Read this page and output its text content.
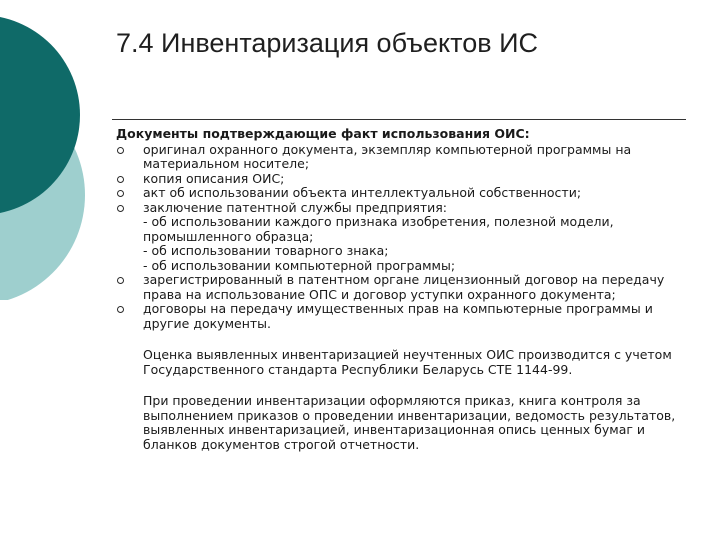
7.4 Инвентаризация объектов ИС
Документы подтверждающие факт использования ОИС:
оригинал охранного документа, экземпляр компьютерной программы на материальном носителе;
копия описания ОИС;
акт об использовании объекта интеллектуальной собственности;
заключение патентной службы предприятия:
- об использовании каждого признака изобретения, полезной модели, промышленного образца;
- об использовании товарного знака;
- об использовании компьютерной программы;
зарегистрированный в патентном органе лицензионный договор на передачу права на использование ОПС и договор уступки охранного документа;
договоры на передачу имущественных прав на компьютерные программы и другие документы.

Оценка выявленных инвентаризацией неучтенных ОИС производится с учетом Государственного стандарта Республики Беларусь СТЕ 1144-99.

При проведении инвентаризации оформляются приказ, книга контроля за выполнением приказов о проведении инвентаризации, ведомость результатов, выявленных инвентаризацией, инвентаризационная опись ценных бумаг и бланков документов строгой отчетности.
